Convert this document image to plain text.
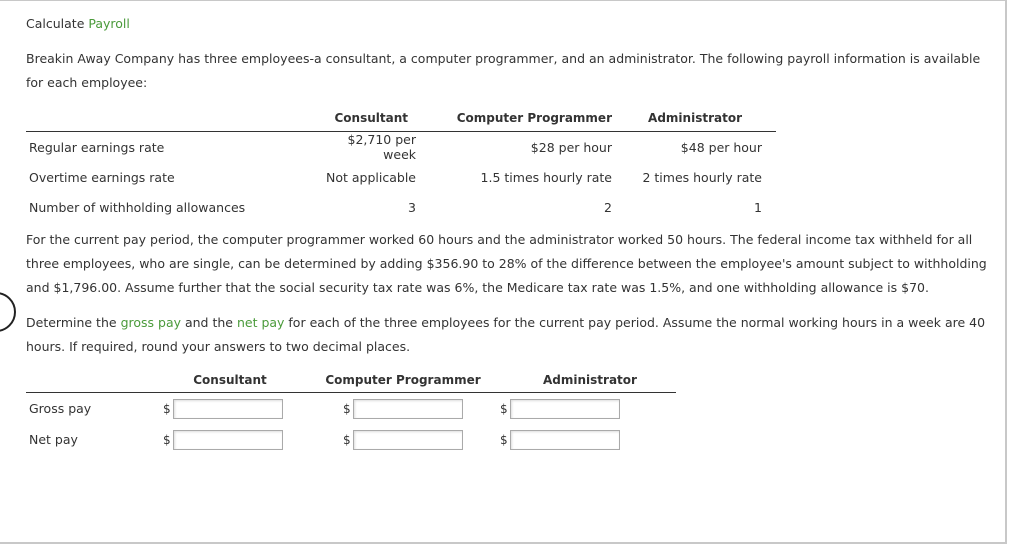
Calculate Payroll
Breakin Away Company has three employees-a consultant, a computer programmer, and an administrator. The following payroll information is available for each employee:
	Consultant	Computer Programmer	Administrator
Regular earnings rate	$2,710 per week	$28 per hour	$48 per hour
Overtime earnings rate	Not applicable	1.5 times hourly rate	2 times hourly rate
Number of withholding allowances	3	2	1
For the current pay period, the computer programmer worked 60 hours and the administrator worked 50 hours. The federal income tax withheld for all three employees, who are single, can be determined by adding $356.90 to 28% of the difference between the employee's amount subject to withholding and $1,796.00. Assume further that the social security tax rate was 6%, the Medicare tax rate was 1.5%, and one withholding allowance is $70.
Determine the gross pay and the net pay for each of the three employees for the current pay period. Assume the normal working hours in a week are 40 hours. If required, round your answers to two decimal places.
	Consultant	Computer Programmer	Administrator
Gross pay	$	$	$

Net pay	$	$	$
